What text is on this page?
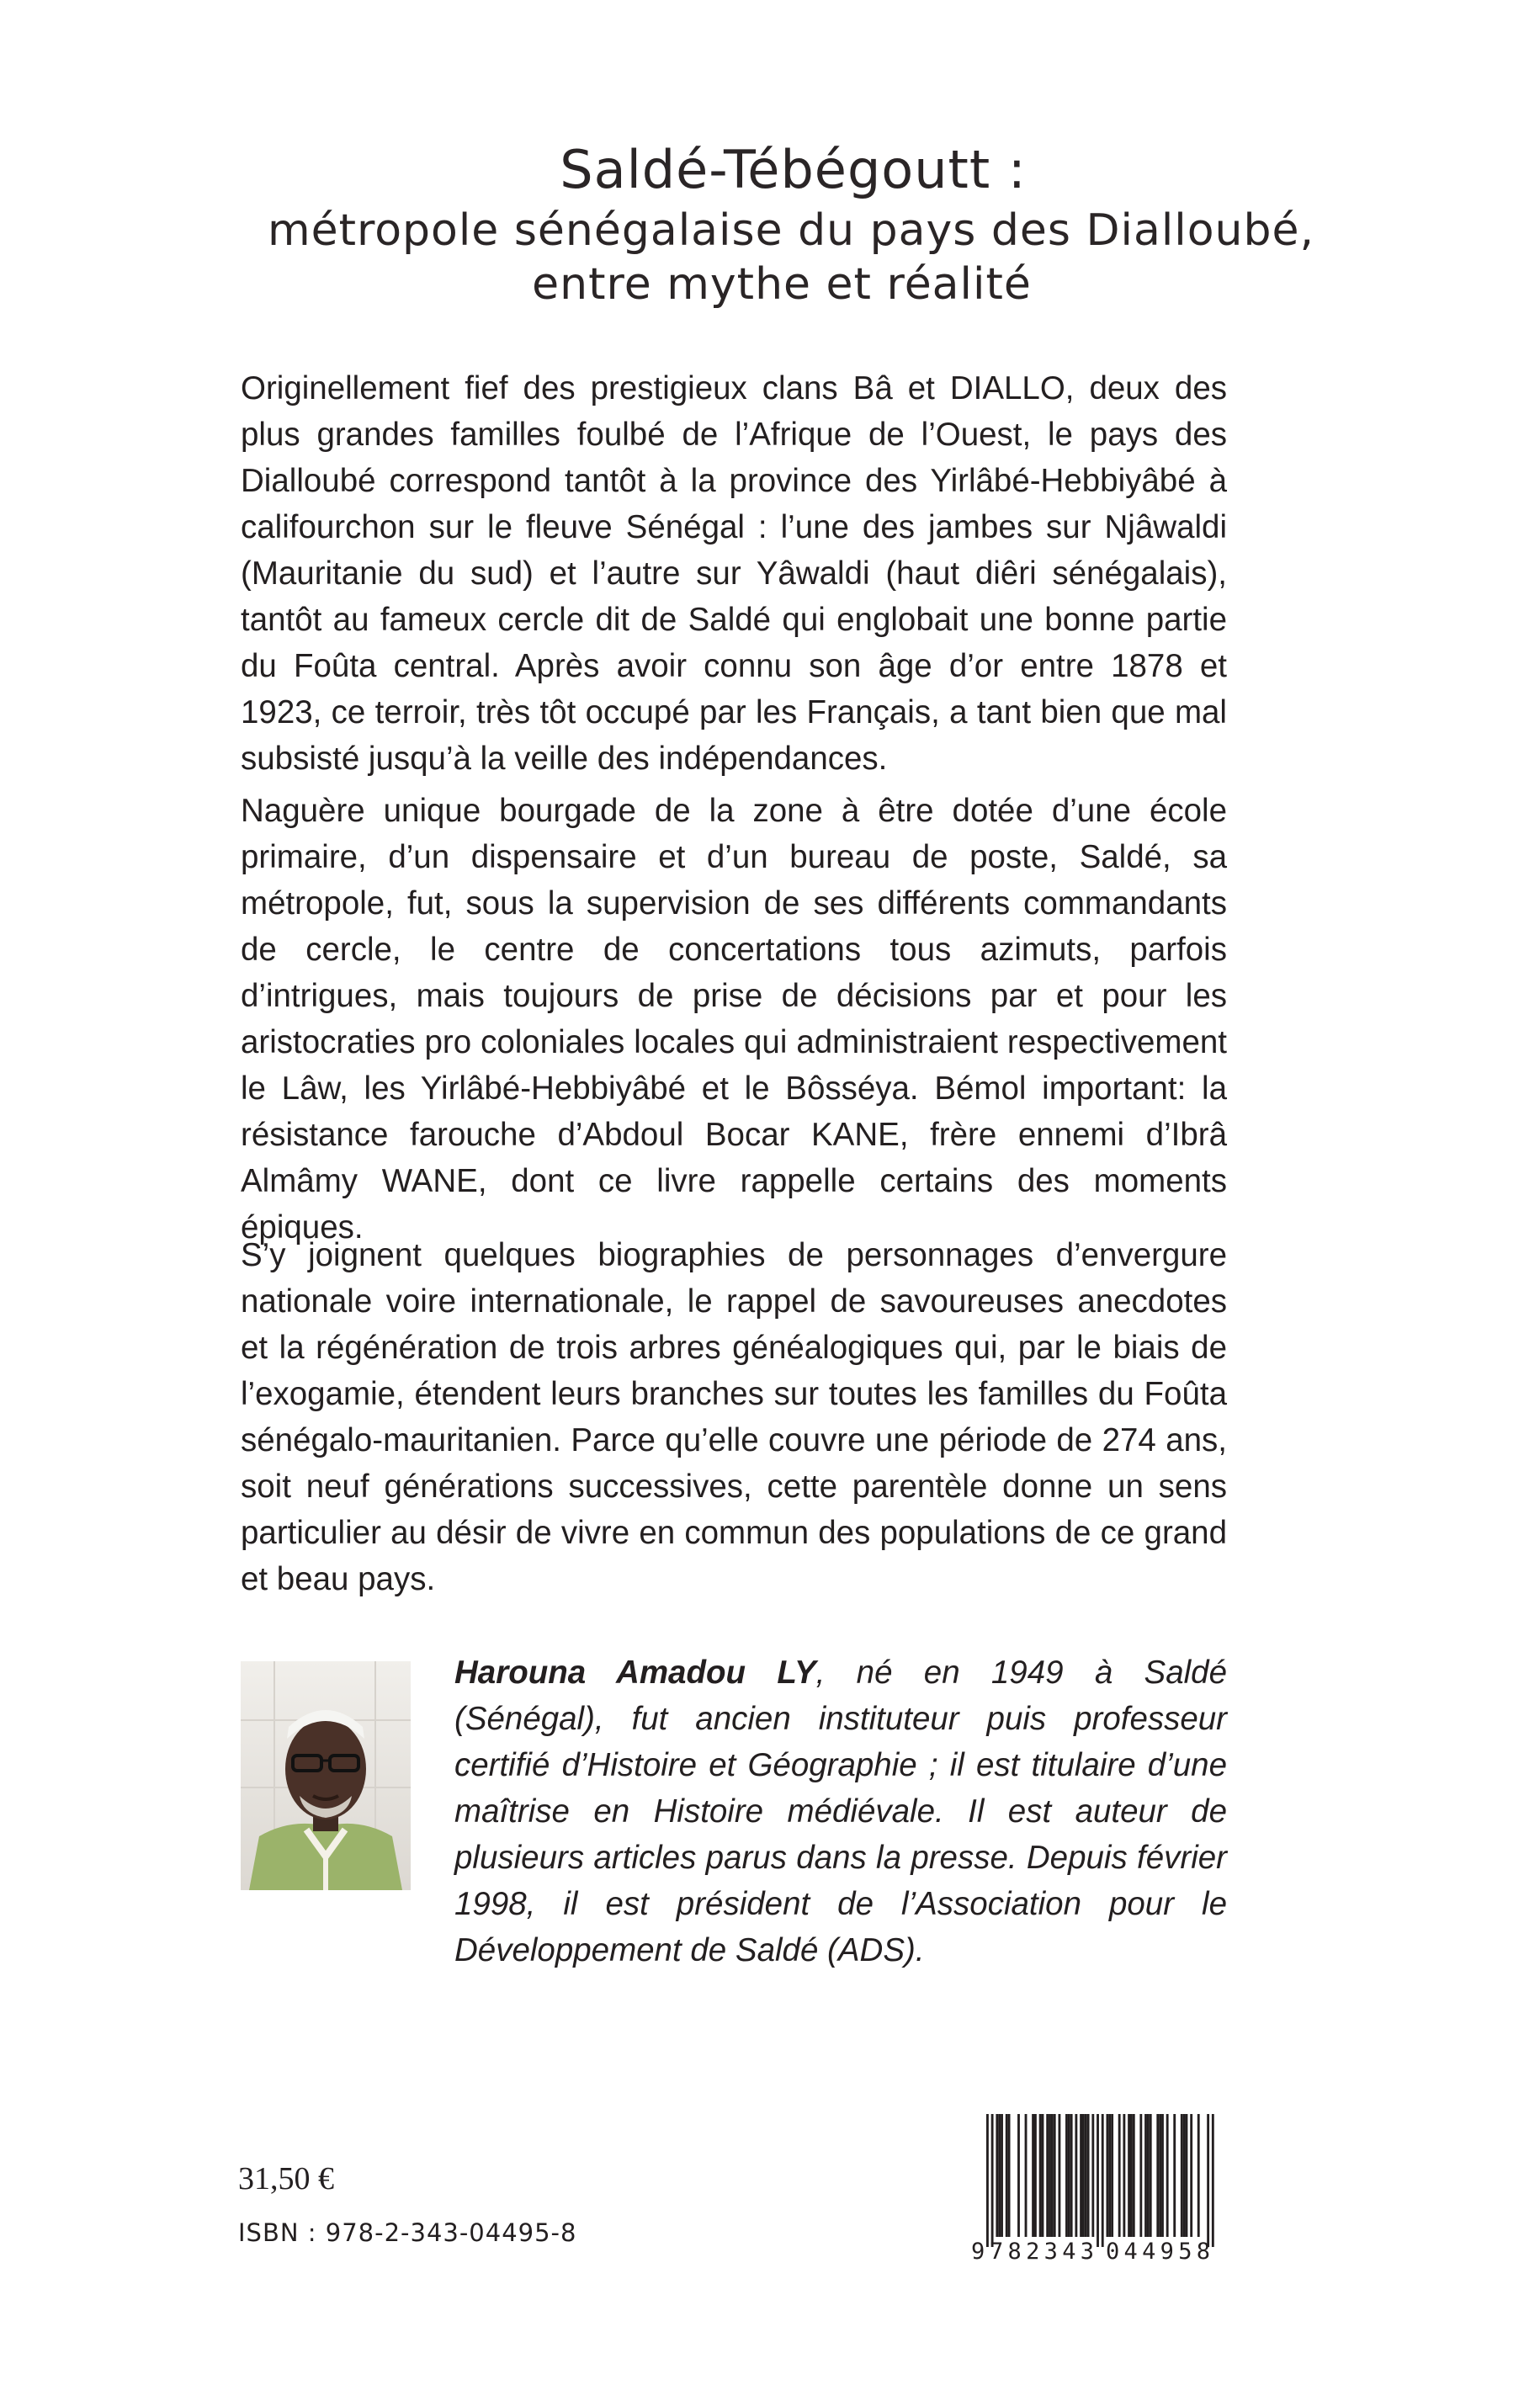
Saldé-Tébégoutt :
métropole sénégalaise du pays des Dialloubé,
entre mythe et réalité

Originellement fief des prestigieux clans Bâ et DIALLO, deux des plus grandes familles foulbé de l’Afrique de l’Ouest, le pays des Dialloubé correspond tantôt à la province des Yirlâbé-Hebbiyâbé à califourchon sur le fleuve Sénégal : l’une des jambes sur Njâwaldi (Mauritanie du sud) et l’autre sur Yâwaldi (haut diêri sénégalais), tantôt au fameux cercle dit de Saldé qui englobait une bonne partie du Foûta central. Après avoir connu son âge d’or entre 1878 et 1923, ce terroir, très tôt occupé par les Français, a tant bien que mal subsisté jusqu’à la veille des indépendances.

Naguère unique bourgade de la zone à être dotée d’une école primaire, d’un dispensaire et d’un bureau de poste, Saldé, sa métropole, fut, sous la supervision de ses différents commandants de cercle, le centre de concertations tous azimuts, parfois d’intrigues, mais toujours de prise de décisions par et pour les aristocraties pro coloniales locales qui administraient respectivement le Lâw, les Yirlâbé-Hebbiyâbé et le Bôsséya. Bémol important: la résistance farouche d’Abdoul Bocar KANE, frère ennemi d’Ibrâ Almâmy WANE, dont ce livre rappelle certains des moments épiques.

S’y joignent quelques biographies de personnages d’envergure nationale voire internationale, le rappel de savoureuses anecdotes et la régénération de trois arbres généalogiques qui, par le biais de l’exogamie, étendent leurs branches sur toutes les familles du Foûta sénégalo-mauritanien. Parce qu’elle couvre une période de 274 ans, soit neuf générations successives, cette parentèle donne un sens particulier au désir de vivre en commun des populations de ce grand et beau pays.

Harouna Amadou LY, né en 1949 à Saldé (Sénégal), fut ancien instituteur puis professeur certifié d’Histoire et Géographie ; il est titulaire d’une maîtrise en Histoire médiévale. Il est auteur de plusieurs articles parus dans la presse. Depuis février 1998, il est président de l’Association pour le Développement de Saldé (ADS).

31,50 €
ISBN : 978-2-343-04495-8
9 782343 044958
